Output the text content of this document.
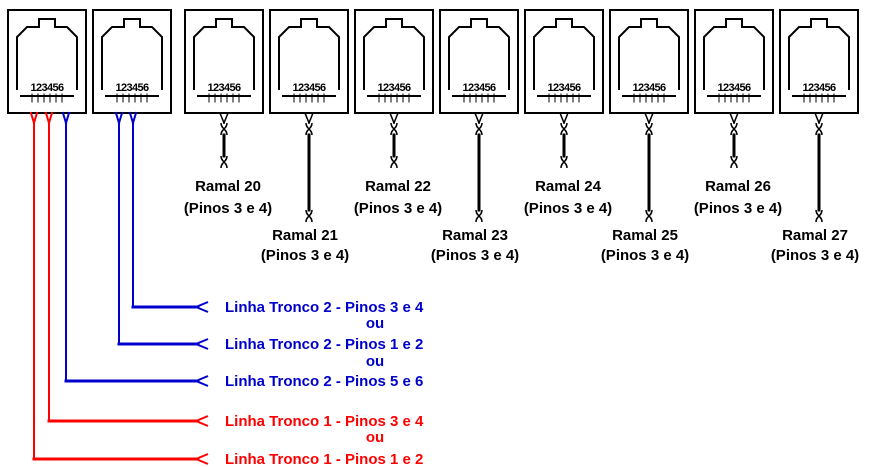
123456	123456	123456	123456	123456	123456	123456	123456	123456	123456
Linha Tronco 2 - Pinos 3 e 4
Linha Tronco 2 - Pinos 1 e 2
Linha Tronco 2 - Pinos 5 e 6
Linha Tronco 1 - Pinos 3 e 4
Linha Tronco 1 - Pinos 1 e 2
ou
ou
ou
Ramal 20
(Pinos 3 e 4)
Ramal 21
(Pinos 3 e 4)
Ramal 22
(Pinos 3 e 4)
Ramal 23
(Pinos 3 e 4)
Ramal 24
(Pinos 3 e 4)
Ramal 25
(Pinos 3 e 4)
Ramal 26
(Pinos 3 e 4)
Ramal 27
(Pinos 3 e 4)
